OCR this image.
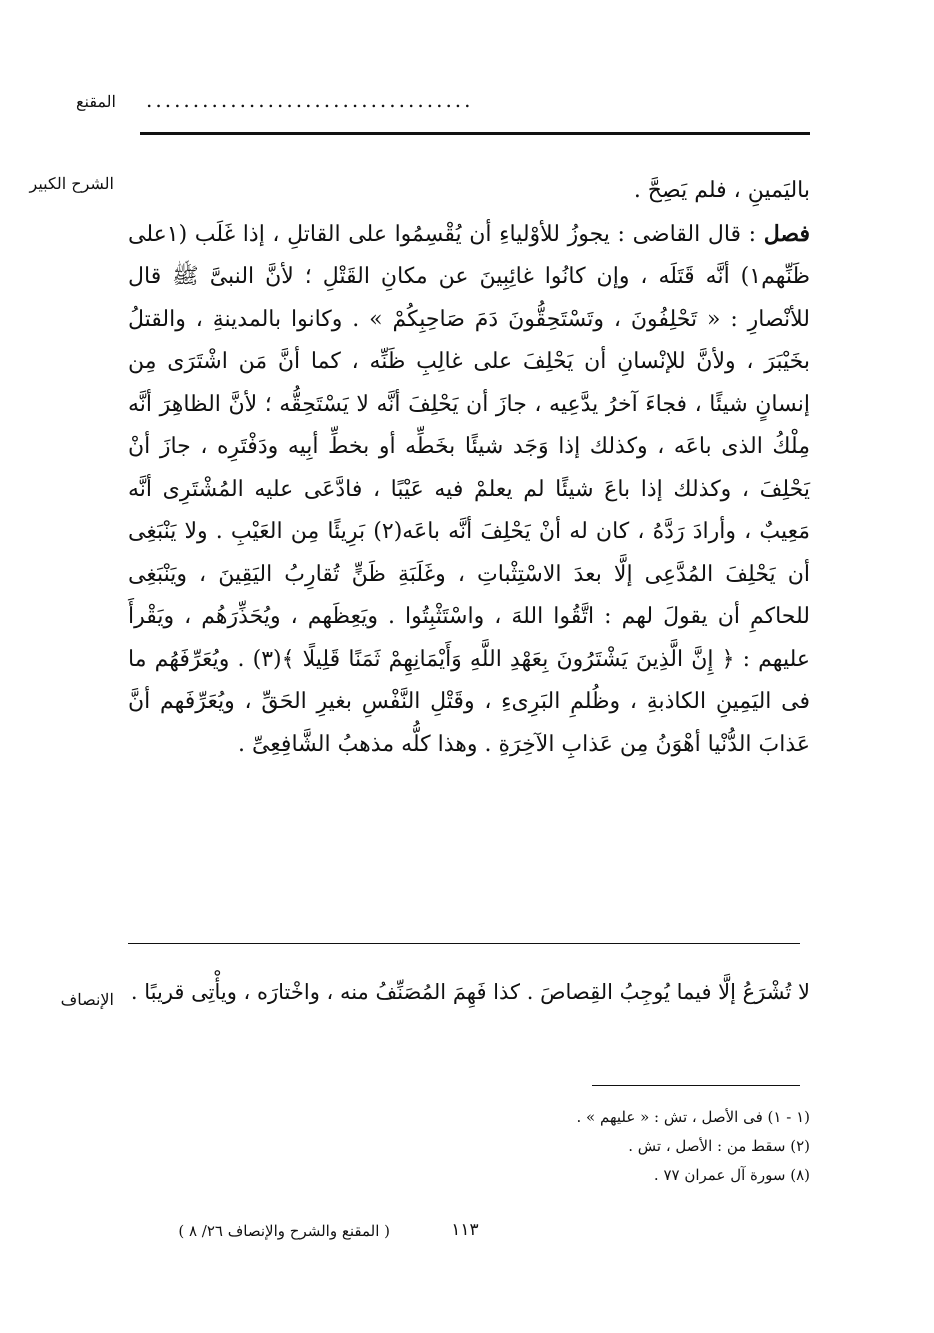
المقنع ...................................
الشرح الكبير	باليَمينِ ، فلم يَصِحَّ .

فصل : قال القاضى : يجوزُ للأوْلياءِ أن يُقْسِمُوا على القاتلِ ، إذا غَلَب (١على ظَنِّهم١) أنَّه قَتَلَه ، وإن كانُوا غائِبِينَ عن مكانِ القَتْلِ ؛ لأنَّ النبىَّ ﷺ قال للأنْصارِ : « تَحْلِفُونَ ، وتَسْتَحِقُّونَ دَمَ صَاحِبِكُمْ » . وكانوا بالمدينةِ ، والقتلُ بخَيْبَرَ ، ولأنَّ للإنْسانِ أن يَحْلِفَ على غالِبِ ظَنِّه ، كما أنَّ مَن اشْتَرَى مِن إنسانٍ شيئًا ، فجاءَ آخرُ يدَّعِيه ، جازَ أن يَحْلِفَ أنَّه لا يَسْتَحِقُّه ؛ لأنَّ الظاهِرَ أنَّه مِلْكُ الذى باعَه ، وكذلك إذا وَجَد شيئًا بخَطِّه أو بخطِّ أبِيه ودَفْتَرِه ، جازَ أنْ يَحْلِفَ ، وكذلك إذا باعَ شيئًا لم يعلمْ فيه عَيْبًا ، فادَّعَى عليه المُشْتَرِى أنَّه مَعِيبٌ ، وأرادَ رَدَّهُ ، كان له أنْ يَحْلِفَ أنَّه باعَه(٢) بَرِيئًا مِن العَيْبِ . ولا يَنْبَغِى أن يَحْلِفَ المُدَّعِى إلَّا بعدَ الاسْتِثْباتِ ، وغَلَبَةِ ظَنٍّ تُقارِبُ اليَقِينَ ، ويَنْبَغِى للحاكمِ أن يقولَ لهم : اتَّقُوا اللهَ ، واسْتَثْبِتُوا . ويَعِظَهم ، ويُحَذِّرَهُم ، ويَقْرأَ عليهم : ﴿ إِنَّ الَّذِينَ يَشْتَرُونَ بِعَهْدِ اللَّهِ وَأَيْمَانِهِمْ ثَمَنًا قَلِيلًا ﴾(٣) . ويُعَرِّفَهُم ما فى اليَمِينِ الكاذبةِ ، وظُلمِ البَرِىءِ ، وقَتْلِ النَّفْسِ بغيرِ الحَقِّ ، ويُعَرِّفَهم أنَّ عَذابَ الدُّنْيا أهْوَنُ مِن عَذابِ الآخِرَةِ . وهذا كلُّه مذهبُ الشَّافِعِىِّ .

الإنصاف لا تُشْرَعُ إلَّا فيما يُوجِبُ القِصاصَ . كذا فَهِمَ المُصَنِّفُ منه ، واخْتارَه ، ويأْتِى قريبًا .
(١ - ١) فى الأصل ، تش : « عليهم » .
(٢) سقط من : الأصل ، تش .
(٨) سورة آل عمران ٧٧ .
١١٣
( المقنع والشرح والإنصاف ٢٦/ ٨ )
